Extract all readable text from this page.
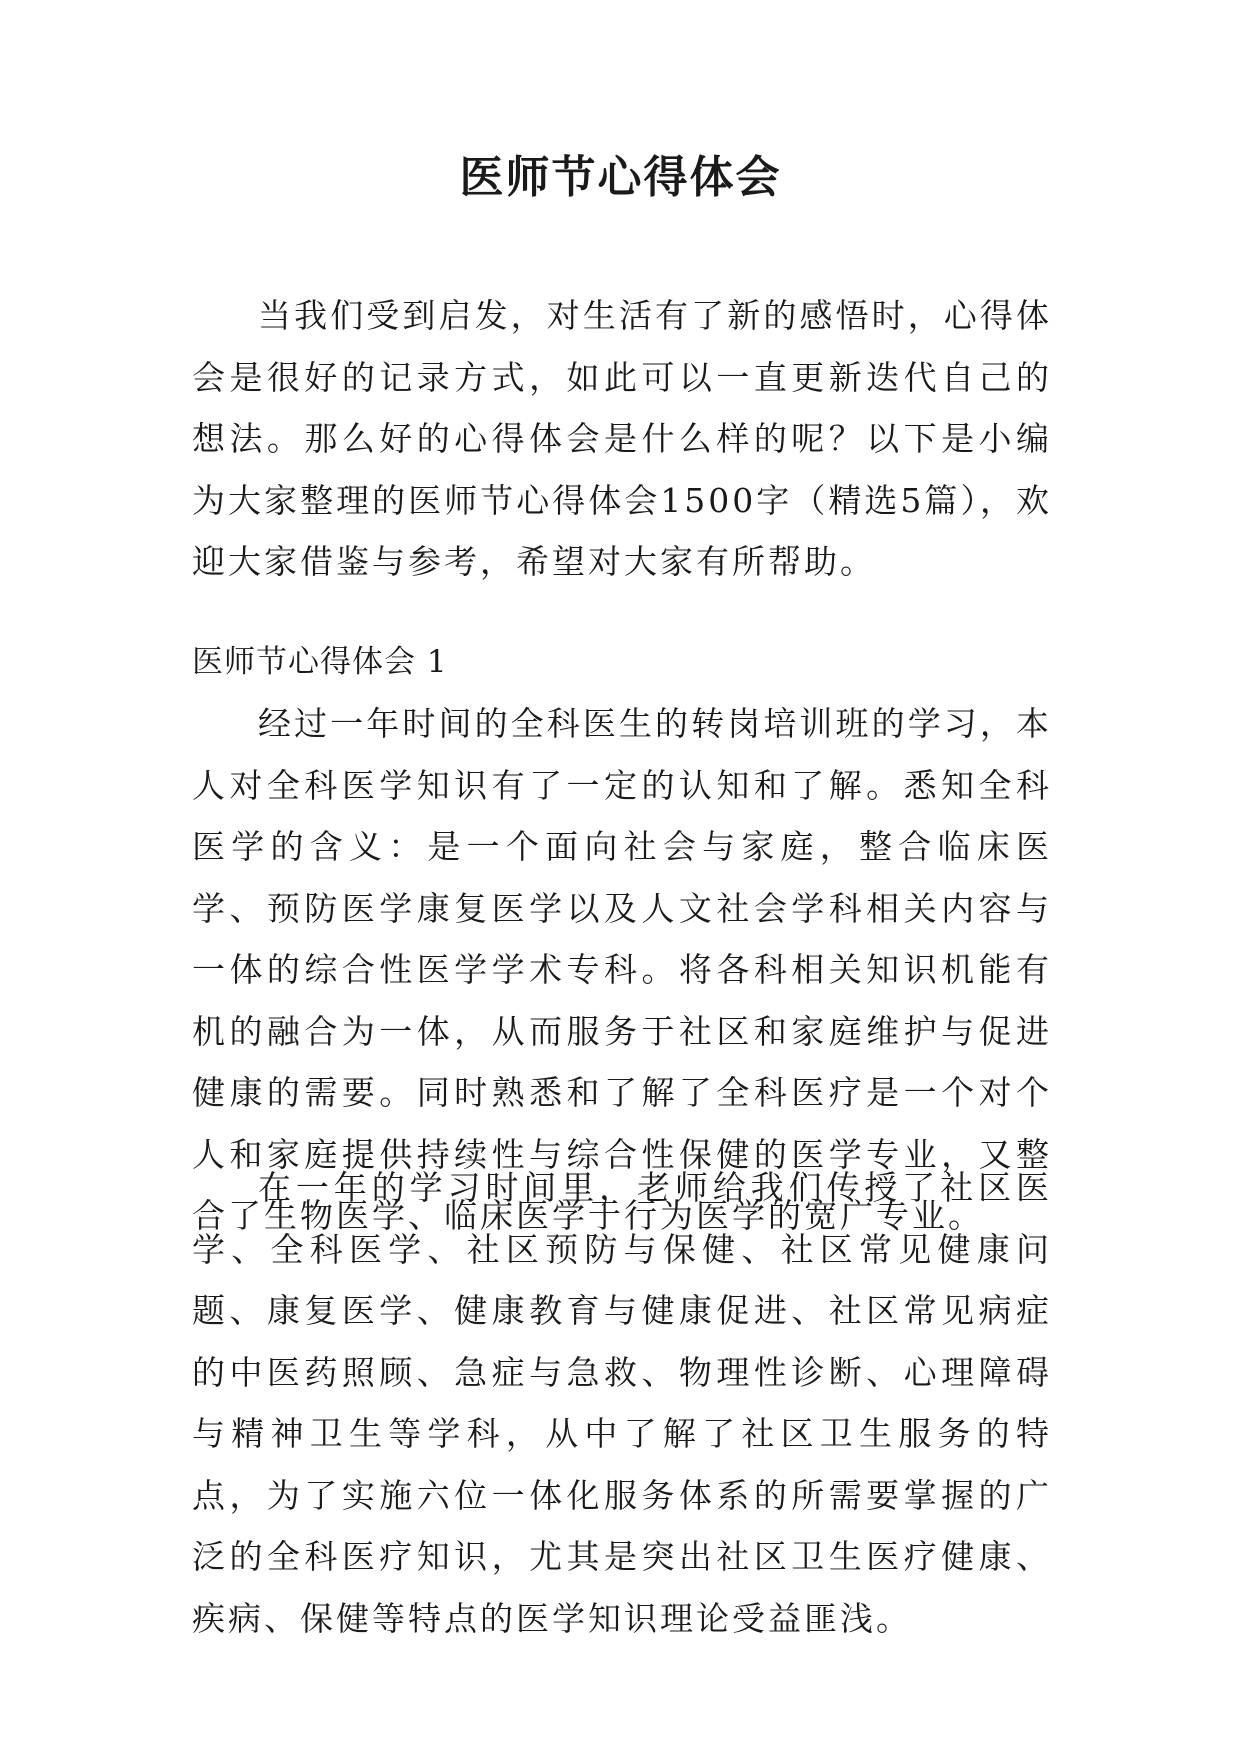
医师节心得体会

当我们受到启发，对生活有了新的感悟时，心得体会是很好的记录方式，如此可以一直更新迭代自己的想法。那么好的心得体会是什么样的呢？以下是小编为大家整理的医师节心得体会1500字（精选5篇），欢迎大家借鉴与参考，希望对大家有所帮助。

医师节心得体会 1

经过一年时间的全科医生的转岗培训班的学习，本人对全科医学知识有了一定的认知和了解。悉知全科医学的含义：是一个面向社会与家庭，整合临床医学、预防医学康复医学以及人文社会学科相关内容与一体的综合性医学学术专科。将各科相关知识机能有机的融合为一体，从而服务于社区和家庭维护与促进健康的需要。同时熟悉和了解了全科医疗是一个对个人和家庭提供持续性与综合性保健的医学专业，又整合了生物医学、临床医学于行为医学的宽广专业。

在一年的学习时间里，老师给我们传授了社区医学、全科医学、社区预防与保健、社区常见健康问题、康复医学、健康教育与健康促进、社区常见病症的中医药照顾、急症与急救、物理性诊断、心理障碍与精神卫生等学科，从中了解了社区卫生服务的特点，为了实施六位一体化服务体系的所需要掌握的广泛的全科医疗知识，尤其是突出社区卫生医疗健康、疾病、保健等特点的医学知识理论受益匪浅。
